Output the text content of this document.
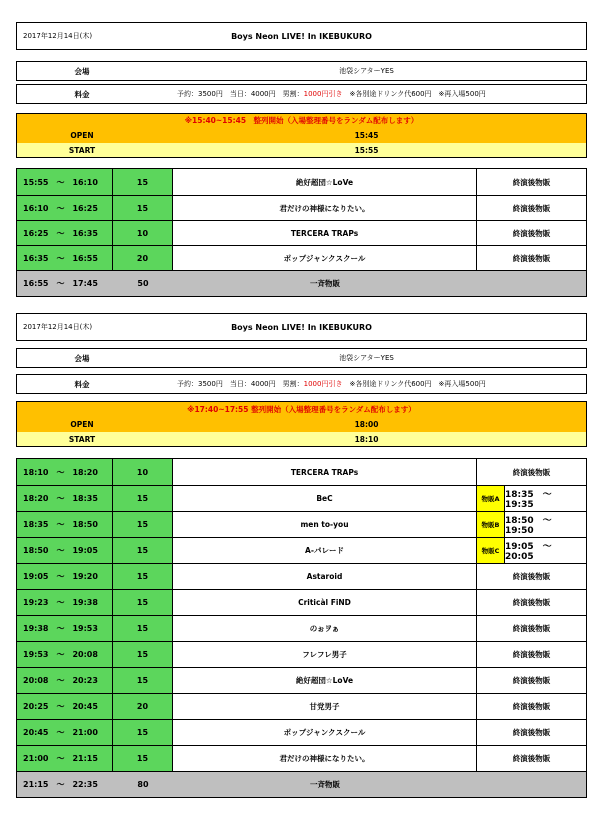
2017年12月14日(木)	Boys Neon LIVE! In IKEBUKURO
会場	池袋シアターYES
料金	予約：3500円　当日：4000円　男割： 1000円引き 　※各別途ドリンク代600円　※再入場500円
※15:40~15:45　整列開始（入場整理番号をランダム配布します）
OPEN	15:45
START	15:55
15:55　～　16:10	15	絶好超団☆LoVe	終演後物販
16:10　～　16:25	15	君だけの神様になりたい。	終演後物販
16:25　～　16:35	10	TERCERA TRAPs	終演後物販
16:35　～　16:55	20	ポップジャンクスクール	終演後物販
16:55　～　17:45	50	一斉物販
2017年12月14日(木)	Boys Neon LIVE! In IKEBUKURO
会場	池袋シアターYES
料金	予約：3500円　当日：4000円　男割： 1000円引き 　※各別途ドリンク代600円　※再入場500円
※17:40~17:55 整列開始（入場整理番号をランダム配布します）
OPEN	18:00
START	18:10
18:10　～　18:20	10	TERCERA TRAPs	終演後物販
18:20　～　18:35	15	BeC	物販A 18:35　～　19:35
18:35　～　18:50	15	men to-you	物販B 18:50　～　19:50
18:50　～　19:05	15	A-パレード	物販C 19:05　～　20:05
19:05　～　19:20	15	Astaroid	終演後物販
19:23　～　19:38	15	Criticàl FiND	終演後物販
19:38　～　19:53	15	のぉヲぁ	終演後物販
19:53　～　20:08	15	フレフレ男子	終演後物販
20:08　～　20:23	15	絶好超団☆LoVe	終演後物販
20:25　～　20:45	20	甘党男子	終演後物販
20:45　～　21:00	15	ポップジャンクスクール	終演後物販
21:00　～　21:15	15	君だけの神様になりたい。	終演後物販
21:15　～　22:35	80	一斉物販
